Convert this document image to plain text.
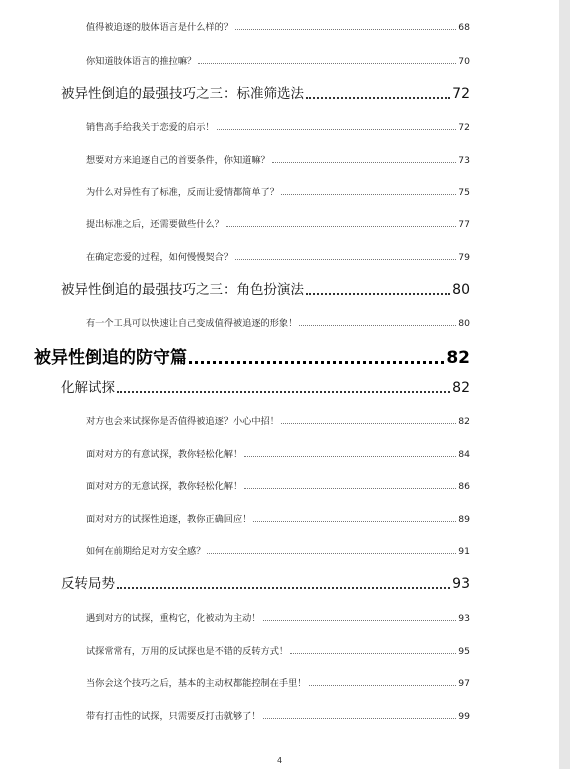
值得被追逐的肢体语言是什么样的？	68
你知道肢体语言的推拉嘛？	70
被异性倒追的最强技巧之三：标准筛选法	72
销售高手给我关于恋爱的启示！	72
想要对方来追逐自己的首要条件，你知道嘛？	73
为什么对异性有了标准，反而让爱情都简单了？	75
提出标准之后，还需要做些什么？	77
在确定恋爱的过程，如何慢慢契合？	79
被异性倒追的最强技巧之三：角色扮演法	80
有一个工具可以快速让自己变成值得被追逐的形象！	80
被异性倒追的防守篇	82
化解试探	82
对方也会来试探你是否值得被追逐？小心中招！	82
面对对方的有意试探，教你轻松化解！	84
面对对方的无意试探，教你轻松化解！	86
面对对方的试探性追逐，教你正确回应！	89
如何在前期给足对方安全感？	91
反转局势	93
遇到对方的试探，重构它，化被动为主动！	93
试探常常有，万用的反试探也是不错的反转方式！	95
当你会这个技巧之后，基本的主动权都能控制在手里！	97
带有打击性的试探，只需要反打击就够了！	99
4
